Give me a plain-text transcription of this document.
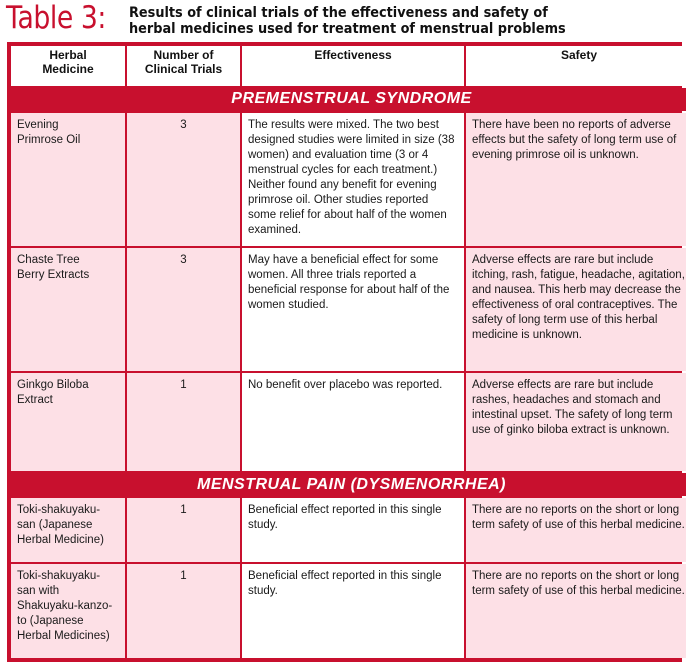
Table 3: Results of clinical trials of the effectiveness and safety of
herbal medicines used for treatment of menstrual problems
Herbal
Medicine	Number of
Clinical Trials	Effectiveness	Safety
PREMENSTRUAL SYNDROME			
Evening
Primrose Oil	3	The results were mixed. The two best designed studies were limited in size (38 women) and evaluation time (3 or 4 menstrual cycles for each treatment.) Neither found any benefit for evening primrose oil. Other studies reported some relief for about half of the women examined.	There have been no reports of adverse effects but the safety of long term use of evening primrose oil is unknown.
Chaste Tree
Berry Extracts	3	May have a beneficial effect for some women. All three trials reported a beneficial response for about half of the women studied.	Adverse effects are rare but include itching, rash, fatigue, headache, agitation, and nausea. This herb may decrease the effectiveness of oral contraceptives. The safety of long term use of this herbal medicine is unknown.
Ginkgo Biloba
Extract	1	No benefit over placebo was reported.	Adverse effects are rare but include rashes, headaches and stomach and intestinal upset. The safety of long term use of ginko biloba extract is unknown.
MENSTRUAL PAIN (DYSMENORRHEA)			
Toki-shakuyaku-
san (Japanese
Herbal Medicine)	1	Beneficial effect reported in this single study.	There are no reports on the short or long term safety of use of this herbal medicine.
Toki-shakuyaku-
san with
Shakuyaku-kanzo-
to (Japanese
Herbal Medicines)	1	Beneficial effect reported in this single study.	There are no reports on the short or long term safety of use of this herbal medicine.
